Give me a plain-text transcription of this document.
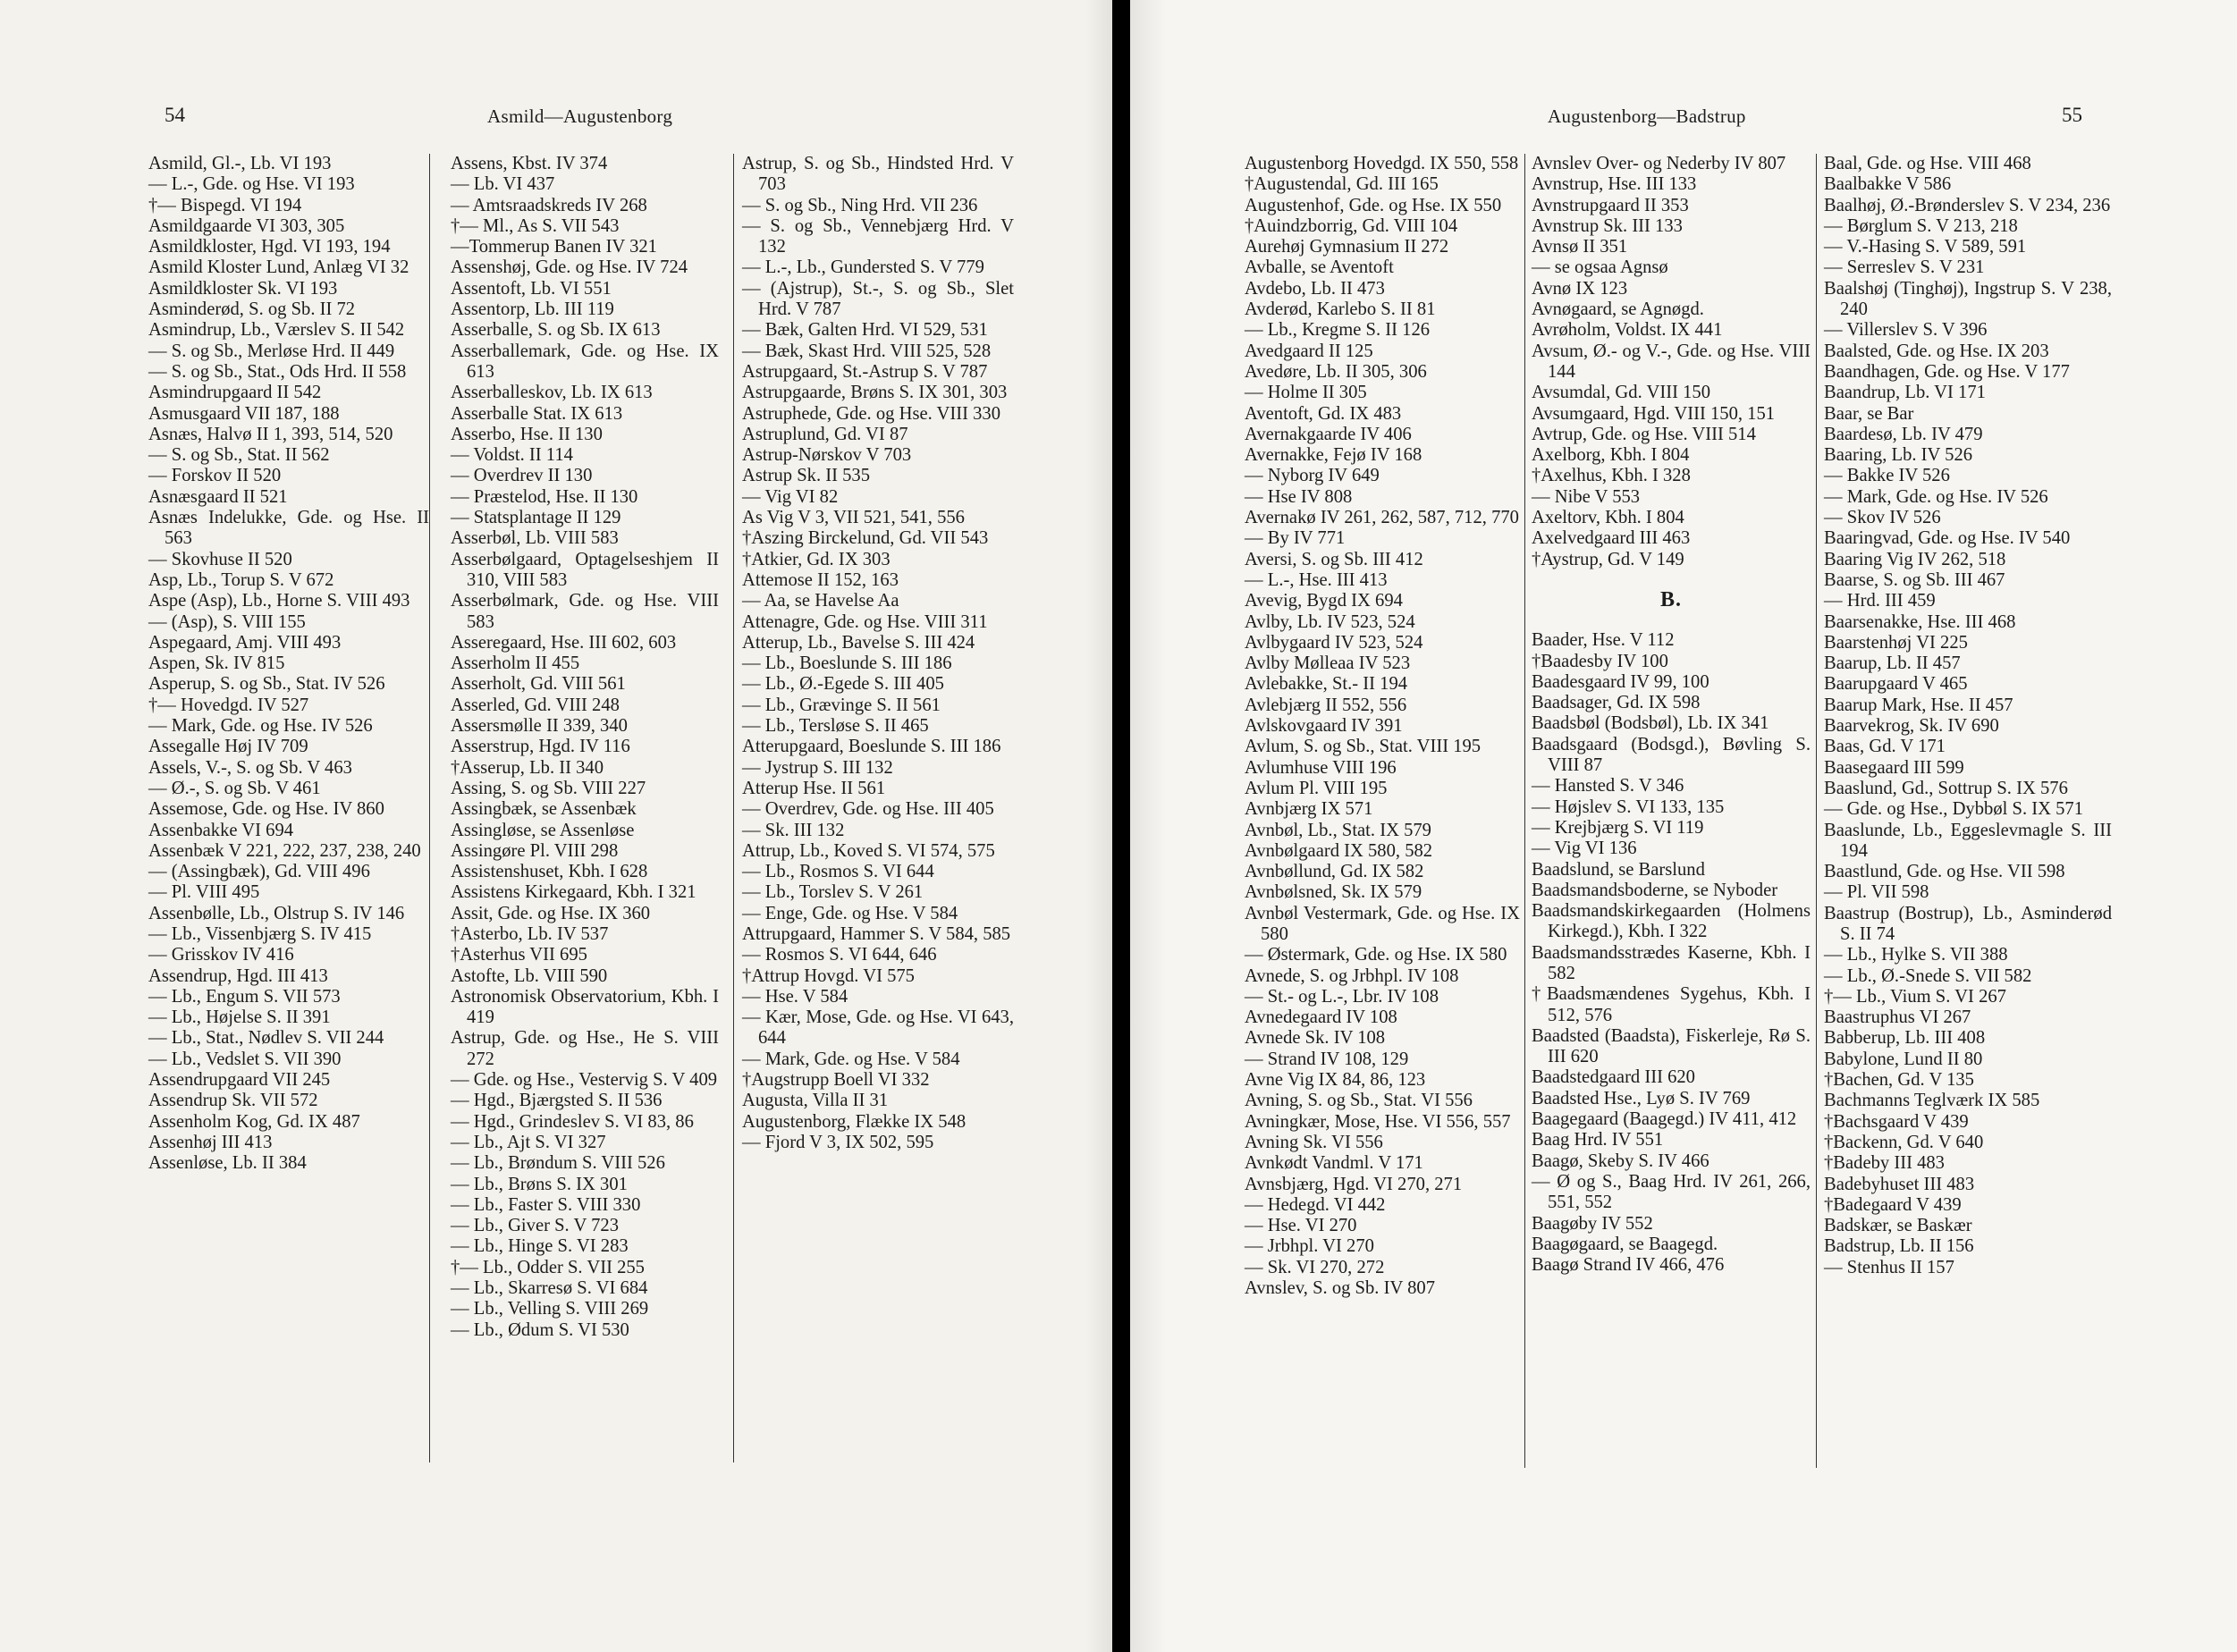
54	Asmild—Augustenborg
Asmild, Gl.-, Lb. VI 193
— L.-, Gde. og Hse. VI 193
†— Bispegd. VI 194
Asmildgaarde VI 303, 305
Asmildkloster, Hgd. VI 193, 194
Asmild Kloster Lund, Anlæg VI 32
Asmildkloster Sk. VI 193
Asminderød, S. og Sb. II 72
Asmindrup, Lb., Værslev S. II 542
— S. og Sb., Merløse Hrd. II 449
— S. og Sb., Stat., Ods Hrd. II 558
Asmindrupgaard II 542
Asmusgaard VII 187, 188
Asnæs, Halvø II 1, 393, 514, 520
— S. og Sb., Stat. II 562
— Forskov II 520
Asnæsgaard II 521
Asnæs Indelukke, Gde. og Hse. II 563
— Skovhuse II 520
Asp, Lb., Torup S. V 672
Aspe (Asp), Lb., Horne S. VIII 493
— (Asp), S. VIII 155
Aspegaard, Amj. VIII 493
Aspen, Sk. IV 815
Asperup, S. og Sb., Stat. IV 526
†— Hovedgd. IV 527
— Mark, Gde. og Hse. IV 526
Assegalle Høj IV 709
Assels, V.-, S. og Sb. V 463
— Ø.-, S. og Sb. V 461
Assemose, Gde. og Hse. IV 860
Assenbakke VI 694
Assenbæk V 221, 222, 237, 238, 240
— (Assingbæk), Gd. VIII 496
— Pl. VIII 495
Assenbølle, Lb., Olstrup S. IV 146
— Lb., Vissenbjærg S. IV 415
— Grisskov IV 416
Assendrup, Hgd. III 413
— Lb., Engum S. VII 573
— Lb., Højelse S. II 391
— Lb., Stat., Nødlev S. VII 244
— Lb., Vedslet S. VII 390
Assendrupgaard VII 245
Assendrup Sk. VII 572
Assenholm Kog, Gd. IX 487
Assenhøj III 413
Assenløse, Lb. II 384
Assens, Kbst. IV 374
— Lb. VI 437
— Amtsraadskreds IV 268
†— Ml., As S. VII 543
—Tommerup Banen IV 321
Assenshøj, Gde. og Hse. IV 724
Assentoft, Lb. VI 551
Assentorp, Lb. III 119
Asserballe, S. og Sb. IX 613
Asserballemark, Gde. og Hse. IX 613
Asserballeskov, Lb. IX 613
Asserballe Stat. IX 613
Asserbo, Hse. II 130
— Voldst. II 114
— Overdrev II 130
— Præstelod, Hse. II 130
— Statsplantage II 129
Asserbøl, Lb. VIII 583
Asserbølgaard, Optagelseshjem II 310, VIII 583
Asserbølmark, Gde. og Hse. VIII 583
Asseregaard, Hse. III 602, 603
Asserholm II 455
Asserholt, Gd. VIII 561
Asserled, Gd. VIII 248
Assersmølle II 339, 340
Asserstrup, Hgd. IV 116
†Asserup, Lb. II 340
Assing, S. og Sb. VIII 227
Assingbæk, se Assenbæk
Assingløse, se Assenløse
Assingøre Pl. VIII 298
Assistenshuset, Kbh. I 628
Assistens Kirkegaard, Kbh. I 321
Assit, Gde. og Hse. IX 360
†Asterbo, Lb. IV 537
†Asterhus VII 695
Astofte, Lb. VIII 590
Astronomisk Observatorium, Kbh. I 419
Astrup, Gde. og Hse., He S. VIII 272
— Gde. og Hse., Vestervig S. V 409
— Hgd., Bjærgsted S. II 536
— Hgd., Grindeslev S. VI 83, 86
— Lb., Ajt S. VI 327
— Lb., Brøndum S. VIII 526
— Lb., Brøns S. IX 301
— Lb., Faster S. VIII 330
— Lb., Giver S. V 723
— Lb., Hinge S. VI 283
†— Lb., Odder S. VII 255
— Lb., Skarresø S. VI 684
— Lb., Velling S. VIII 269
— Lb., Ødum S. VI 530
Astrup, S. og Sb., Hindsted Hrd. V 703
— S. og Sb., Ning Hrd. VII 236
— S. og Sb., Vennebjærg Hrd. V 132
— L.-, Lb., Gundersted S. V 779
— (Ajstrup), St.-, S. og Sb., Slet Hrd. V 787
— Bæk, Galten Hrd. VI 529, 531
— Bæk, Skast Hrd. VIII 525, 528
Astrupgaard, St.-Astrup S. V 787
Astrupgaarde, Brøns S. IX 301, 303
Astruphede, Gde. og Hse. VIII 330
Astruplund, Gd. VI 87
Astrup-Nørskov V 703
Astrup Sk. II 535
— Vig VI 82
As Vig V 3, VII 521, 541, 556
†Aszing Birckelund, Gd. VII 543
†Atkier, Gd. IX 303
Attemose II 152, 163
— Aa, se Havelse Aa
Attenagre, Gde. og Hse. VIII 311
Atterup, Lb., Bavelse S. III 424
— Lb., Boeslunde S. III 186
— Lb., Ø.-Egede S. III 405
— Lb., Grævinge S. II 561
— Lb., Tersløse S. II 465
Atterupgaard, Boeslunde S. III 186
— Jystrup S. III 132
Atterup Hse. II 561
— Overdrev, Gde. og Hse. III 405
— Sk. III 132
Attrup, Lb., Koved S. VI 574, 575
— Lb., Rosmos S. VI 644
— Lb., Torslev S. V 261
— Enge, Gde. og Hse. V 584
Attrupgaard, Hammer S. V 584, 585
— Rosmos S. VI 644, 646
†Attrup Hovgd. VI 575
— Hse. V 584
— Kær, Mose, Gde. og Hse. VI 643, 644
— Mark, Gde. og Hse. V 584
†Augstrupp Boell VI 332
Augusta, Villa II 31
Augustenborg, Flække IX 548
— Fjord V 3, IX 502, 595
Augustenborg—Badstrup	55
Augustenborg Hovedgd. IX 550, 558
†Augustendal, Gd. III 165
Augustenhof, Gde. og Hse. IX 550
†Auindzborrig, Gd. VIII 104
Aurehøj Gymnasium II 272
Avballe, se Aventoft
Avdebo, Lb. II 473
Avderød, Karlebo S. II 81
— Lb., Kregme S. II 126
Avedgaard II 125
Avedøre, Lb. II 305, 306
— Holme II 305
Aventoft, Gd. IX 483
Avernakgaarde IV 406
Avernakke, Fejø IV 168
— Nyborg IV 649
— Hse IV 808
Avernakø IV 261, 262, 587, 712, 770
— By IV 771
Aversi, S. og Sb. III 412
— L.-, Hse. III 413
Avevig, Bygd IX 694
Avlby, Lb. IV 523, 524
Avlbygaard IV 523, 524
Avlby Mølleaa IV 523
Avlebakke, St.- II 194
Avlebjærg II 552, 556
Avlskovgaard IV 391
Avlum, S. og Sb., Stat. VIII 195
Avlumhuse VIII 196
Avlum Pl. VIII 195
Avnbjærg IX 571
Avnbøl, Lb., Stat. IX 579
Avnbølgaard IX 580, 582
Avnbøllund, Gd. IX 582
Avnbølsned, Sk. IX 579
Avnbøl Vestermark, Gde. og Hse. IX 580
— Østermark, Gde. og Hse. IX 580
Avnede, S. og Jrbhpl. IV 108
— St.- og L.-, Lbr. IV 108
Avnedegaard IV 108
Avnede Sk. IV 108
— Strand IV 108, 129
Avne Vig IX 84, 86, 123
Avning, S. og Sb., Stat. VI 556
Avningkær, Mose, Hse. VI 556, 557
Avning Sk. VI 556
Avnkødt Vandml. V 171
Avnsbjærg, Hgd. VI 270, 271
— Hedegd. VI 442
— Hse. VI 270
— Jrbhpl. VI 270
— Sk. VI 270, 272
Avnslev, S. og Sb. IV 807
Avnslev Over- og Nederby IV 807
Avnstrup, Hse. III 133
Avnstrupgaard II 353
Avnstrup Sk. III 133
Avnsø II 351
— se ogsaa Agnsø
Avnø IX 123
Avnøgaard, se Agnøgd.
Avrøholm, Voldst. IX 441
Avsum, Ø.- og V.-, Gde. og Hse. VIII 144
Avsumdal, Gd. VIII 150
Avsumgaard, Hgd. VIII 150, 151
Avtrup, Gde. og Hse. VIII 514
Axelborg, Kbh. I 804
†Axelhus, Kbh. I 328
— Nibe V 553
Axeltorv, Kbh. I 804
Axelvedgaard III 463
†Aystrup, Gd. V 149
B.
Baader, Hse. V 112
†Baadesby IV 100
Baadesgaard IV 99, 100
Baadsager, Gd. IX 598
Baadsbøl (Bodsbøl), Lb. IX 341
Baadsgaard (Bodsgd.), Bøvling S. VIII 87
— Hansted S. V 346
— Højslev S. VI 133, 135
— Krejbjærg S. VI 119
— Vig VI 136
Baadslund, se Barslund
Baadsmandsboderne, se Nyboder
Baadsmandskirkegaarden (Holmens Kirkegd.), Kbh. I 322
Baadsmandsstrædes Kaserne, Kbh. I 582
†Baadsmændenes Sygehus, Kbh. I 512, 576
Baadsted (Baadsta), Fiskerleje, Rø S. III 620
Baadstedgaard III 620
Baadsted Hse., Lyø S. IV 769
Baagegaard (Baagegd.) IV 411, 412
Baag Hrd. IV 551
Baagø, Skeby S. IV 466
— Ø og S., Baag Hrd. IV 261, 266, 551, 552
Baagøby IV 552
Baagøgaard, se Baagegd.
Baagø Strand IV 466, 476
Baal, Gde. og Hse. VIII 468
Baalbakke V 586
Baalhøj, Ø.-Brønderslev S. V 234, 236
— Børglum S. V 213, 218
— V.-Hasing S. V 589, 591
— Serreslev S. V 231
Baalshøj (Tinghøj), Ingstrup S. V 238, 240
— Villerslev S. V 396
Baalsted, Gde. og Hse. IX 203
Baandhagen, Gde. og Hse. V 177
Baandrup, Lb. VI 171
Baar, se Bar
Baardesø, Lb. IV 479
Baaring, Lb. IV 526
— Bakke IV 526
— Mark, Gde. og Hse. IV 526
— Skov IV 526
Baaringvad, Gde. og Hse. IV 540
Baaring Vig IV 262, 518
Baarse, S. og Sb. III 467
— Hrd. III 459
Baarsenakke, Hse. III 468
Baarstenhøj VI 225
Baarup, Lb. II 457
Baarupgaard V 465
Baarup Mark, Hse. II 457
Baarvekrog, Sk. IV 690
Baas, Gd. V 171
Baasegaard III 599
Baaslund, Gd., Sottrup S. IX 576
— Gde. og Hse., Dybbøl S. IX 571
Baaslunde, Lb., Eggeslevmagle S. III 194
Baastlund, Gde. og Hse. VII 598
— Pl. VII 598
Baastrup (Bostrup), Lb., Asminderød S. II 74
— Lb., Hylke S. VII 388
— Lb., Ø.-Snede S. VII 582
†— Lb., Vium S. VI 267
Baastruphus VI 267
Babberup, Lb. III 408
Babylone, Lund II 80
†Bachen, Gd. V 135
Bachmanns Teglværk IX 585
†Bachsgaard V 439
†Backenn, Gd. V 640
†Badeby III 483
Badebyhuset III 483
†Badegaard V 439
Badskær, se Baskær
Badstrup, Lb. II 156
— Stenhus II 157
